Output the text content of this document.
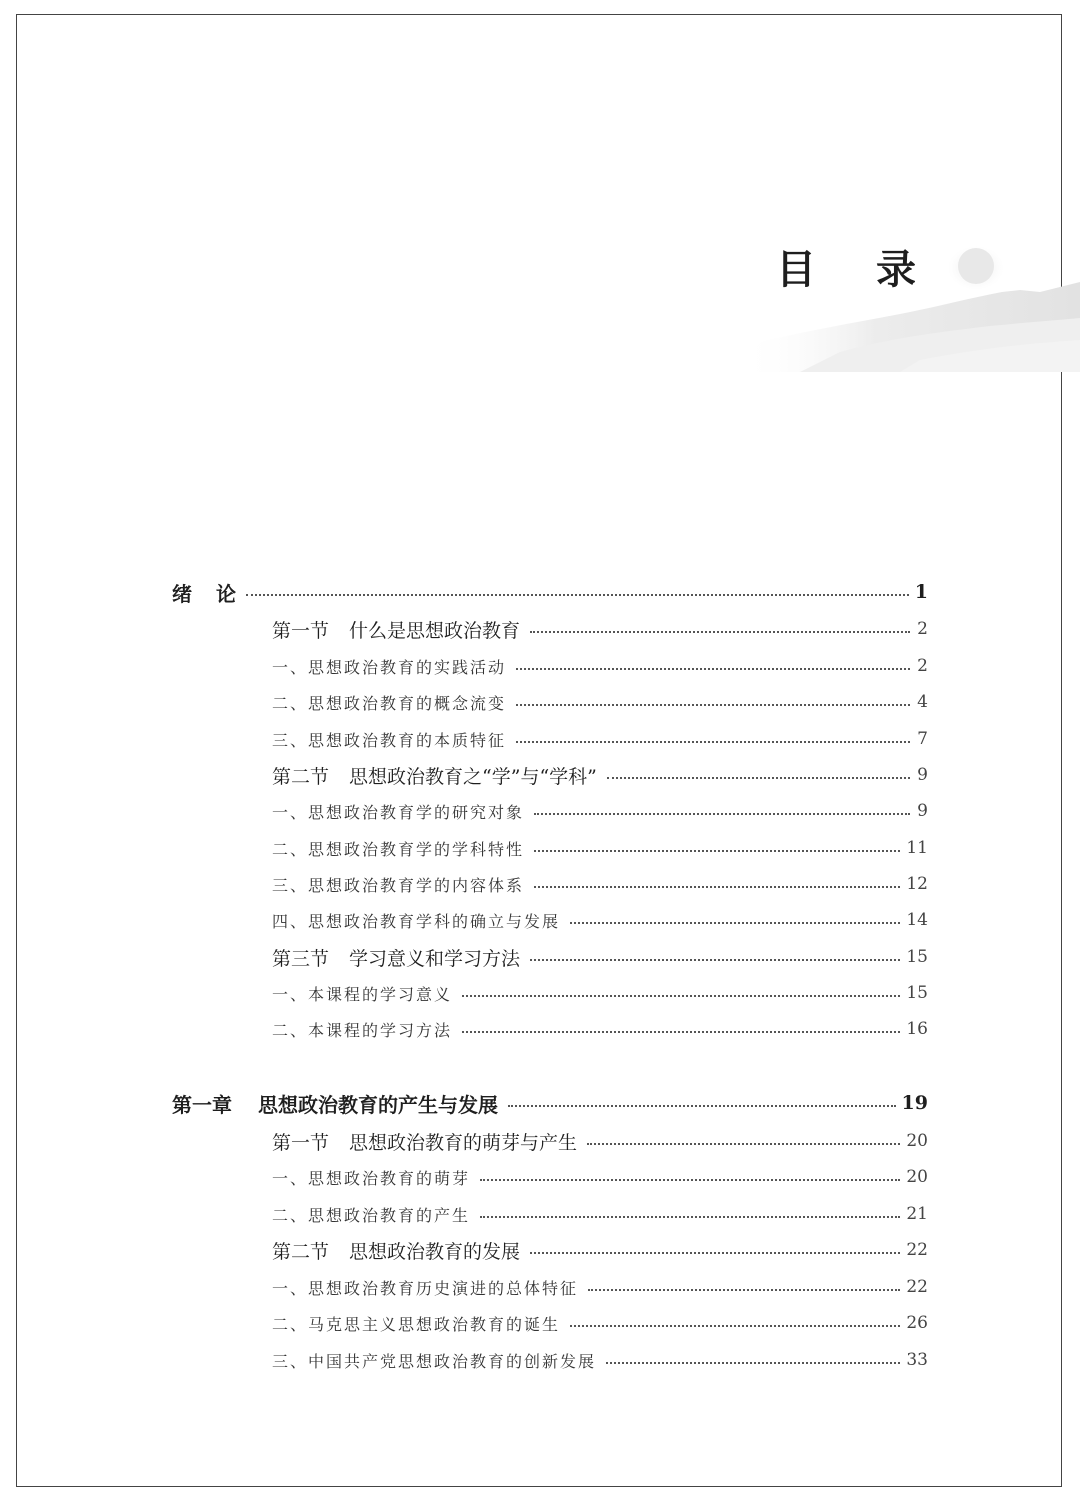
目 录
绪 论	1
第一节 什么是思想政治教育	2
一、思想政治教育的实践活动	2
二、思想政治教育的概念流变	4
三、思想政治教育的本质特征	7
第二节 思想政治教育之“学”与“学科”	9
一、思想政治教育学的研究对象	9
二、思想政治教育学的学科特性	11
三、思想政治教育学的内容体系	12
四、思想政治教育学科的确立与发展	14
第三节 学习意义和学习方法	15
一、本课程的学习意义	15
二、本课程的学习方法	16
第一章 思想政治教育的产生与发展	19
第一节 思想政治教育的萌芽与产生	20
一、思想政治教育的萌芽	20
二、思想政治教育的产生	21
第二节 思想政治教育的发展	22
一、思想政治教育历史演进的总体特征	22
二、马克思主义思想政治教育的诞生	26
三、中国共产党思想政治教育的创新发展	33
